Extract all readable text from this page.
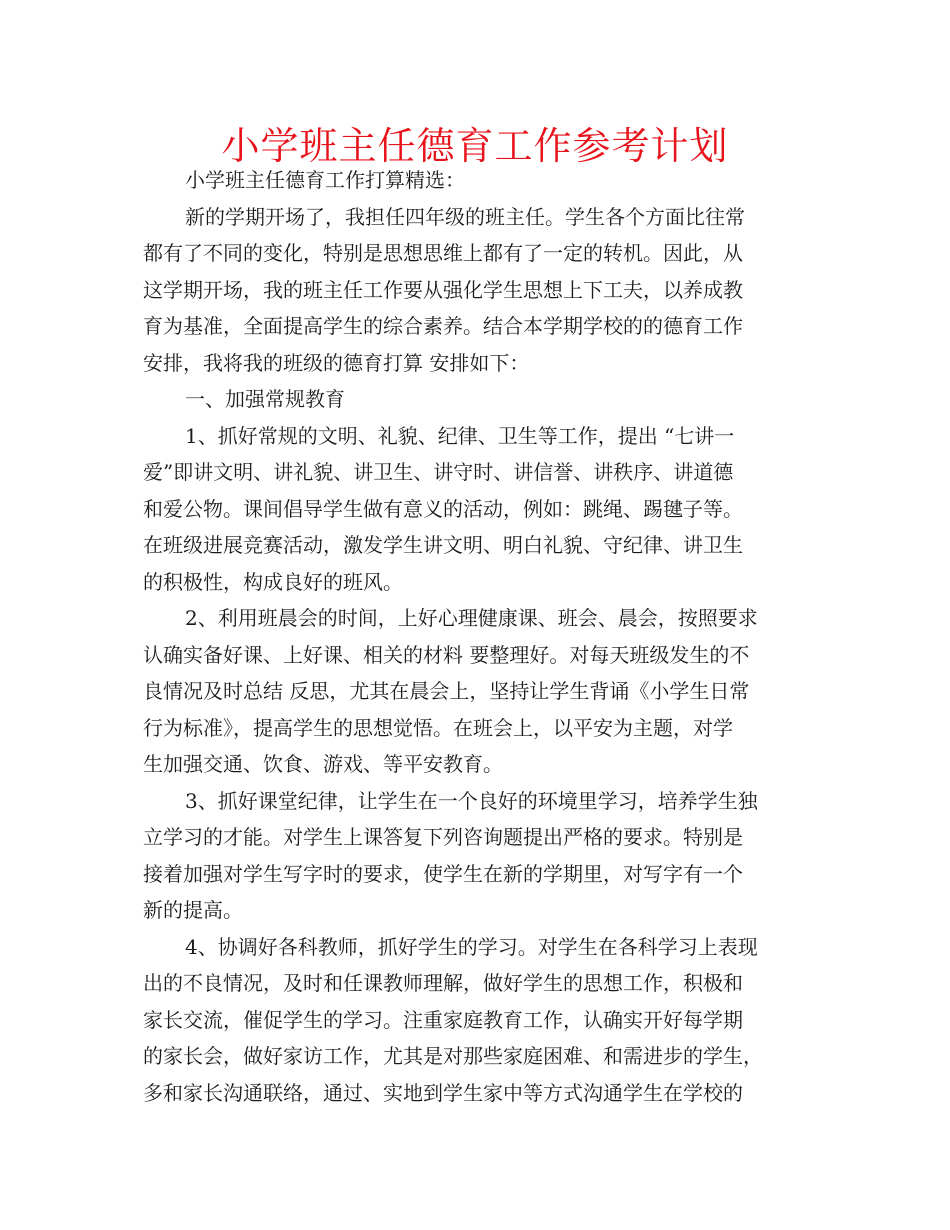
小学班主任德育工作参考计划
小学班主任德育工作打算精选：
新的学期开场了，我担任四年级的班主任。学生各个方面比往常
都有了不同的变化，特别是思想思维上都有了一定的转机。因此，从
这学期开场，我的班主任工作要从强化学生思想上下工夫，以养成教
育为基准，全面提高学生的综合素养。结合本学期学校的的德育工作
安排，我将我的班级的德育打算 安排如下：
一、加强常规教育
1、抓好常规的文明、礼貌、纪律、卫生等工作，提出 “七讲一
爱”即讲文明、讲礼貌、讲卫生、讲守时、讲信誉、讲秩序、讲道德
和爱公物。课间倡导学生做有意义的活动，例如：跳绳、踢毽子等。
在班级进展竞赛活动，激发学生讲文明、明白礼貌、守纪律、讲卫生
的积极性，构成良好的班风。
2、利用班晨会的时间，上好心理健康课、班会、晨会，按照要求
认确实备好课、上好课、相关的材料 要整理好。对每天班级发生的不
良情况及时总结 反思，尤其在晨会上，坚持让学生背诵《小学生日常
行为标准》，提高学生的思想觉悟。在班会上，以平安为主题，对学
生加强交通、饮食、游戏、等平安教育。
3、抓好课堂纪律，让学生在一个良好的环境里学习，培养学生独
立学习的才能。对学生上课答复下列咨询题提出严格的要求。特别是
接着加强对学生写字时的要求，使学生在新的学期里，对写字有一个
新的提高。
4、协调好各科教师，抓好学生的学习。对学生在各科学习上表现
出的不良情况，及时和任课教师理解，做好学生的思想工作，积极和
家长交流，催促学生的学习。注重家庭教育工作，认确实开好每学期
的家长会，做好家访工作，尤其是对那些家庭困难、和需进步的学生，
多和家长沟通联络，通过、实地到学生家中等方式沟通学生在学校的
